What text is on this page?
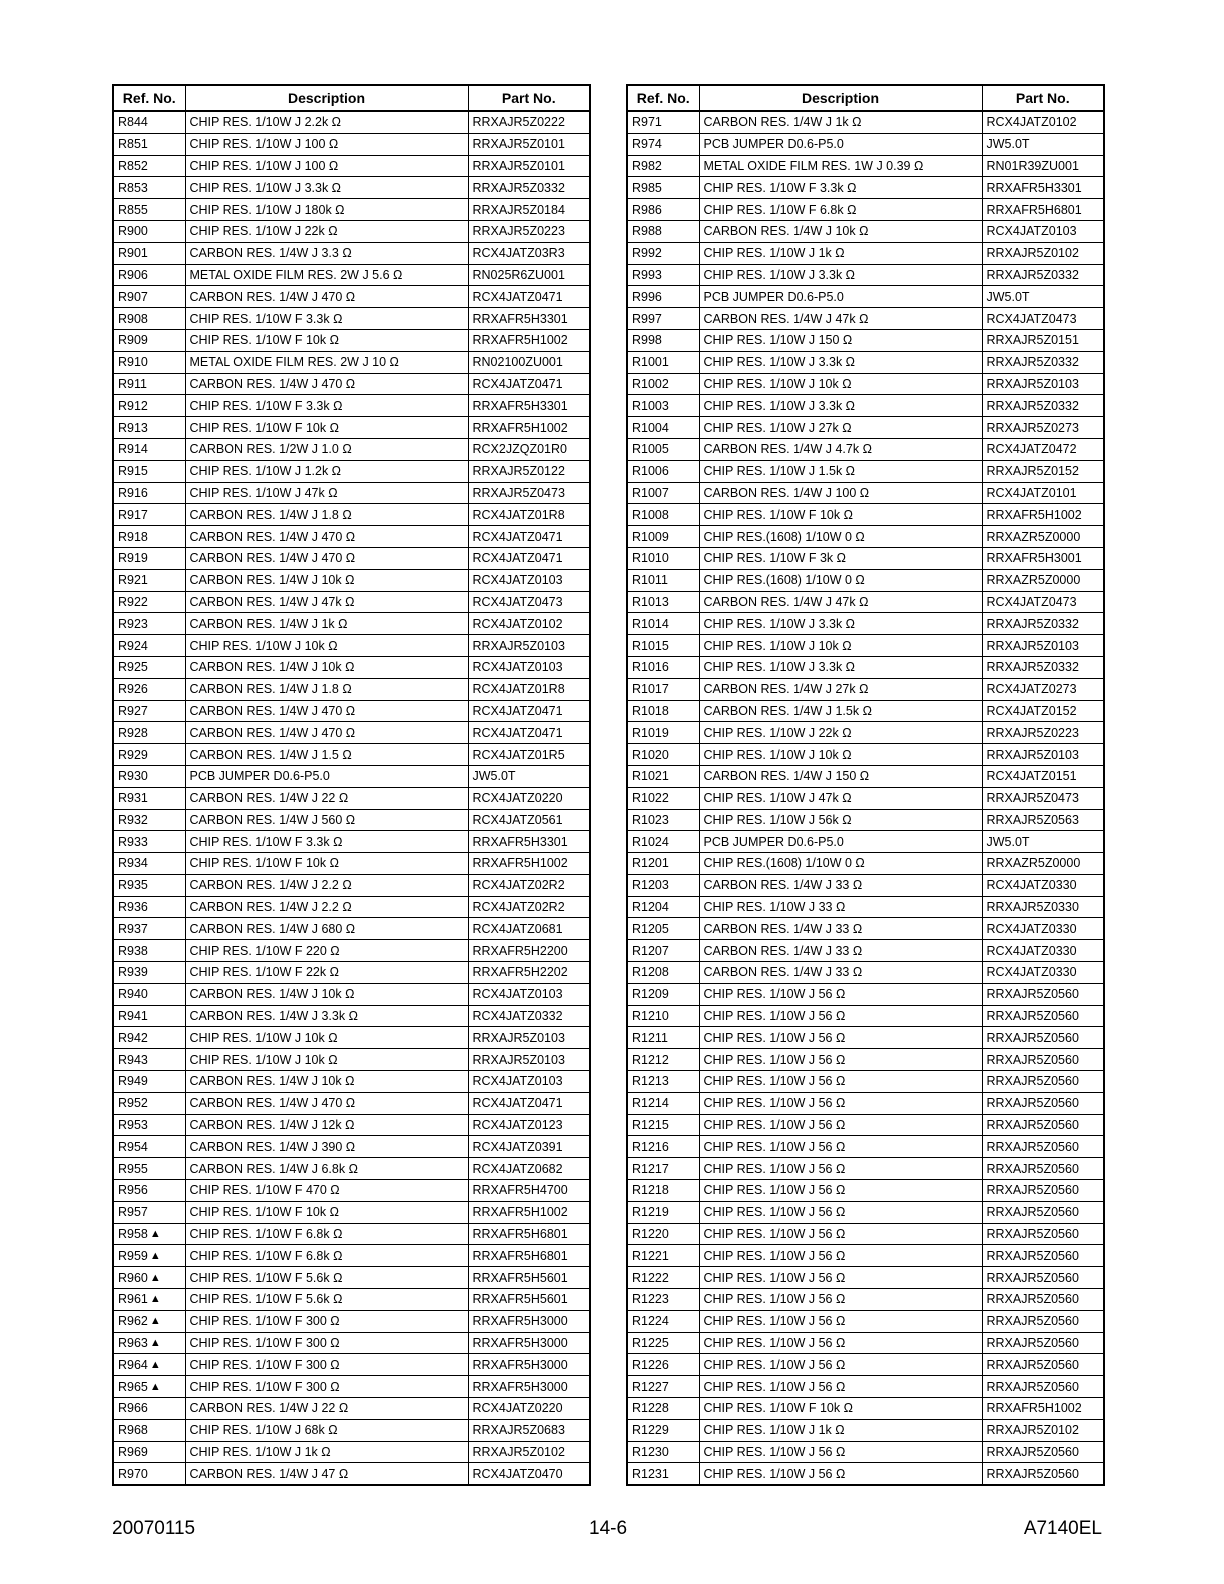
Ref. No.	Description	Part No.
R844	CHIP RES. 1/10W J 2.2k Ω	RRXAJR5Z0222
R851	CHIP RES. 1/10W J 100 Ω	RRXAJR5Z0101
R852	CHIP RES. 1/10W J 100 Ω	RRXAJR5Z0101
R853	CHIP RES. 1/10W J 3.3k Ω	RRXAJR5Z0332
R855	CHIP RES. 1/10W J 180k Ω	RRXAJR5Z0184
R900	CHIP RES. 1/10W J 22k Ω	RRXAJR5Z0223
R901	CARBON RES. 1/4W J 3.3 Ω	RCX4JATZ03R3
R906	METAL OXIDE FILM RES. 2W J 5.6 Ω	RN025R6ZU001
R907	CARBON RES. 1/4W J 470 Ω	RCX4JATZ0471
R908	CHIP RES. 1/10W F 3.3k Ω	RRXAFR5H3301
R909	CHIP RES. 1/10W F 10k Ω	RRXAFR5H1002
R910	METAL OXIDE FILM RES. 2W J 10 Ω	RN02100ZU001
R911	CARBON RES. 1/4W J 470 Ω	RCX4JATZ0471
R912	CHIP RES. 1/10W F 3.3k Ω	RRXAFR5H3301
R913	CHIP RES. 1/10W F 10k Ω	RRXAFR5H1002
R914	CARBON RES. 1/2W J 1.0 Ω	RCX2JZQZ01R0
R915	CHIP RES. 1/10W J 1.2k Ω	RRXAJR5Z0122
R916	CHIP RES. 1/10W J 47k Ω	RRXAJR5Z0473
R917	CARBON RES. 1/4W J 1.8 Ω	RCX4JATZ01R8
R918	CARBON RES. 1/4W J 470 Ω	RCX4JATZ0471
R919	CARBON RES. 1/4W J 470 Ω	RCX4JATZ0471
R921	CARBON RES. 1/4W J 10k Ω	RCX4JATZ0103
R922	CARBON RES. 1/4W J 47k Ω	RCX4JATZ0473
R923	CARBON RES. 1/4W J 1k Ω	RCX4JATZ0102
R924	CHIP RES. 1/10W J 10k Ω	RRXAJR5Z0103
R925	CARBON RES. 1/4W J 10k Ω	RCX4JATZ0103
R926	CARBON RES. 1/4W J 1.8 Ω	RCX4JATZ01R8
R927	CARBON RES. 1/4W J 470 Ω	RCX4JATZ0471
R928	CARBON RES. 1/4W J 470 Ω	RCX4JATZ0471
R929	CARBON RES. 1/4W J 1.5 Ω	RCX4JATZ01R5
R930	PCB JUMPER D0.6-P5.0	JW5.0T
R931	CARBON RES. 1/4W J 22 Ω	RCX4JATZ0220
R932	CARBON RES. 1/4W J 560 Ω	RCX4JATZ0561
R933	CHIP RES. 1/10W F 3.3k Ω	RRXAFR5H3301
R934	CHIP RES. 1/10W F 10k Ω	RRXAFR5H1002
R935	CARBON RES. 1/4W J 2.2 Ω	RCX4JATZ02R2
R936	CARBON RES. 1/4W J 2.2 Ω	RCX4JATZ02R2
R937	CARBON RES. 1/4W J 680 Ω	RCX4JATZ0681
R938	CHIP RES. 1/10W F 220 Ω	RRXAFR5H2200
R939	CHIP RES. 1/10W F 22k Ω	RRXAFR5H2202
R940	CARBON RES. 1/4W J 10k Ω	RCX4JATZ0103
R941	CARBON RES. 1/4W J 3.3k Ω	RCX4JATZ0332
R942	CHIP RES. 1/10W J 10k Ω	RRXAJR5Z0103
R943	CHIP RES. 1/10W J 10k Ω	RRXAJR5Z0103
R949	CARBON RES. 1/4W J 10k Ω	RCX4JATZ0103
R952	CARBON RES. 1/4W J 470 Ω	RCX4JATZ0471
R953	CARBON RES. 1/4W J 12k Ω	RCX4JATZ0123
R954	CARBON RES. 1/4W J 390 Ω	RCX4JATZ0391
R955	CARBON RES. 1/4W J 6.8k Ω	RCX4JATZ0682
R956	CHIP RES. 1/10W F 470 Ω	RRXAFR5H4700
R957	CHIP RES. 1/10W F 10k Ω	RRXAFR5H1002
R958 ▲	CHIP RES. 1/10W F 6.8k Ω	RRXAFR5H6801
R959 ▲	CHIP RES. 1/10W F 6.8k Ω	RRXAFR5H6801
R960 ▲	CHIP RES. 1/10W F 5.6k Ω	RRXAFR5H5601
R961 ▲	CHIP RES. 1/10W F 5.6k Ω	RRXAFR5H5601
R962 ▲	CHIP RES. 1/10W F 300 Ω	RRXAFR5H3000
R963 ▲	CHIP RES. 1/10W F 300 Ω	RRXAFR5H3000
R964 ▲	CHIP RES. 1/10W F 300 Ω	RRXAFR5H3000
R965 ▲	CHIP RES. 1/10W F 300 Ω	RRXAFR5H3000
R966	CARBON RES. 1/4W J 22 Ω	RCX4JATZ0220
R968	CHIP RES. 1/10W J 68k Ω	RRXAJR5Z0683
R969	CHIP RES. 1/10W J 1k Ω	RRXAJR5Z0102
R970	CARBON RES. 1/4W J 47 Ω	RCX4JATZ0470
Ref. No.	Description	Part No.
R971	CARBON RES. 1/4W J 1k Ω	RCX4JATZ0102
R974	PCB JUMPER D0.6-P5.0	JW5.0T
R982	METAL OXIDE FILM RES. 1W J 0.39 Ω	RN01R39ZU001
R985	CHIP RES. 1/10W F 3.3k Ω	RRXAFR5H3301
R986	CHIP RES. 1/10W F 6.8k Ω	RRXAFR5H6801
R988	CARBON RES. 1/4W J 10k Ω	RCX4JATZ0103
R992	CHIP RES. 1/10W J 1k Ω	RRXAJR5Z0102
R993	CHIP RES. 1/10W J 3.3k Ω	RRXAJR5Z0332
R996	PCB JUMPER D0.6-P5.0	JW5.0T
R997	CARBON RES. 1/4W J 47k Ω	RCX4JATZ0473
R998	CHIP RES. 1/10W J 150 Ω	RRXAJR5Z0151
R1001	CHIP RES. 1/10W J 3.3k Ω	RRXAJR5Z0332
R1002	CHIP RES. 1/10W J 10k Ω	RRXAJR5Z0103
R1003	CHIP RES. 1/10W J 3.3k Ω	RRXAJR5Z0332
R1004	CHIP RES. 1/10W J 27k Ω	RRXAJR5Z0273
R1005	CARBON RES. 1/4W J 4.7k Ω	RCX4JATZ0472
R1006	CHIP RES. 1/10W J 1.5k Ω	RRXAJR5Z0152
R1007	CARBON RES. 1/4W J 100 Ω	RCX4JATZ0101
R1008	CHIP RES. 1/10W F 10k Ω	RRXAFR5H1002
R1009	CHIP RES.(1608) 1/10W 0 Ω	RRXAZR5Z0000
R1010	CHIP RES. 1/10W F 3k Ω	RRXAFR5H3001
R1011	CHIP RES.(1608) 1/10W 0 Ω	RRXAZR5Z0000
R1013	CARBON RES. 1/4W J 47k Ω	RCX4JATZ0473
R1014	CHIP RES. 1/10W J 3.3k Ω	RRXAJR5Z0332
R1015	CHIP RES. 1/10W J 10k Ω	RRXAJR5Z0103
R1016	CHIP RES. 1/10W J 3.3k Ω	RRXAJR5Z0332
R1017	CARBON RES. 1/4W J 27k Ω	RCX4JATZ0273
R1018	CARBON RES. 1/4W J 1.5k Ω	RCX4JATZ0152
R1019	CHIP RES. 1/10W J 22k Ω	RRXAJR5Z0223
R1020	CHIP RES. 1/10W J 10k Ω	RRXAJR5Z0103
R1021	CARBON RES. 1/4W J 150 Ω	RCX4JATZ0151
R1022	CHIP RES. 1/10W J 47k Ω	RRXAJR5Z0473
R1023	CHIP RES. 1/10W J 56k Ω	RRXAJR5Z0563
R1024	PCB JUMPER D0.6-P5.0	JW5.0T
R1201	CHIP RES.(1608) 1/10W 0 Ω	RRXAZR5Z0000
R1203	CARBON RES. 1/4W J 33 Ω	RCX4JATZ0330
R1204	CHIP RES. 1/10W J 33 Ω	RRXAJR5Z0330
R1205	CARBON RES. 1/4W J 33 Ω	RCX4JATZ0330
R1207	CARBON RES. 1/4W J 33 Ω	RCX4JATZ0330
R1208	CARBON RES. 1/4W J 33 Ω	RCX4JATZ0330
R1209	CHIP RES. 1/10W J 56 Ω	RRXAJR5Z0560
R1210	CHIP RES. 1/10W J 56 Ω	RRXAJR5Z0560
R1211	CHIP RES. 1/10W J 56 Ω	RRXAJR5Z0560
R1212	CHIP RES. 1/10W J 56 Ω	RRXAJR5Z0560
R1213	CHIP RES. 1/10W J 56 Ω	RRXAJR5Z0560
R1214	CHIP RES. 1/10W J 56 Ω	RRXAJR5Z0560
R1215	CHIP RES. 1/10W J 56 Ω	RRXAJR5Z0560
R1216	CHIP RES. 1/10W J 56 Ω	RRXAJR5Z0560
R1217	CHIP RES. 1/10W J 56 Ω	RRXAJR5Z0560
R1218	CHIP RES. 1/10W J 56 Ω	RRXAJR5Z0560
R1219	CHIP RES. 1/10W J 56 Ω	RRXAJR5Z0560
R1220	CHIP RES. 1/10W J 56 Ω	RRXAJR5Z0560
R1221	CHIP RES. 1/10W J 56 Ω	RRXAJR5Z0560
R1222	CHIP RES. 1/10W J 56 Ω	RRXAJR5Z0560
R1223	CHIP RES. 1/10W J 56 Ω	RRXAJR5Z0560
R1224	CHIP RES. 1/10W J 56 Ω	RRXAJR5Z0560
R1225	CHIP RES. 1/10W J 56 Ω	RRXAJR5Z0560
R1226	CHIP RES. 1/10W J 56 Ω	RRXAJR5Z0560
R1227	CHIP RES. 1/10W J 56 Ω	RRXAJR5Z0560
R1228	CHIP RES. 1/10W F 10k Ω	RRXAFR5H1002
R1229	CHIP RES. 1/10W J 1k Ω	RRXAJR5Z0102
R1230	CHIP RES. 1/10W J 56 Ω	RRXAJR5Z0560
R1231	CHIP RES. 1/10W J 56 Ω	RRXAJR5Z0560
20070115	14-6	A7140EL
